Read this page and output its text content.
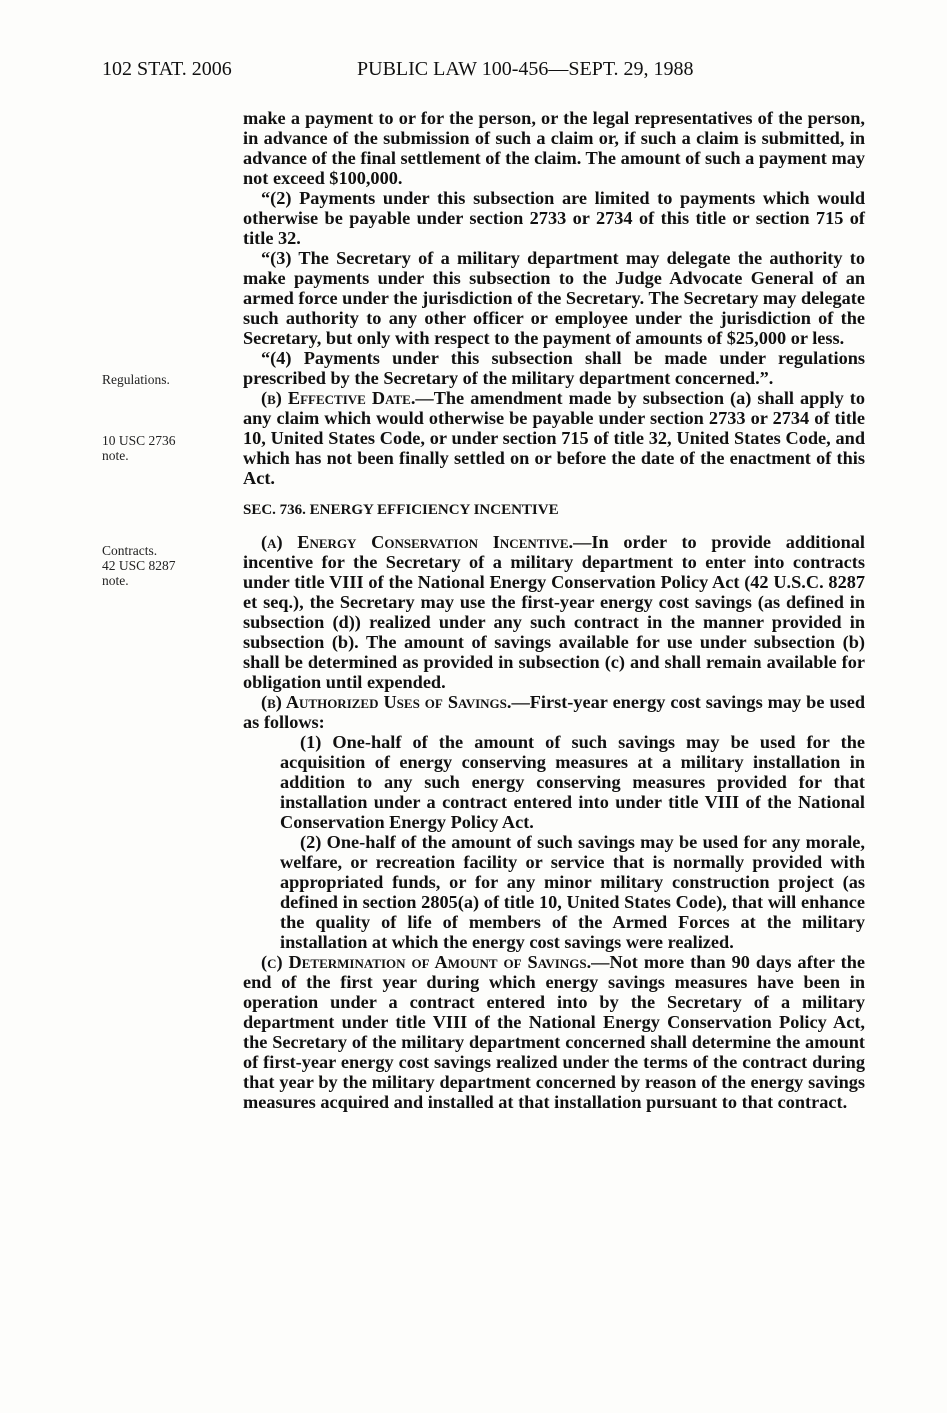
102 STAT. 2006	PUBLIC LAW 100-456—SEPT. 29, 1988
Regulations.
10 USC 2736
note.
Contracts.
42 USC 8287
note.

make a payment to or for the person, or the legal representatives of the person, in advance of the submission of such a claim or, if such a claim is submitted, in advance of the final settlement of the claim. The amount of such a payment may not exceed $100,000.

“(2) Payments under this subsection are limited to payments which would otherwise be payable under section 2733 or 2734 of this title or section 715 of title 32.

“(3) The Secretary of a military department may delegate the authority to make payments under this subsection to the Judge Advocate General of an armed force under the jurisdiction of the Secretary. The Secretary may delegate such authority to any other officer or employee under the jurisdiction of the Secretary, but only with respect to the payment of amounts of $25,000 or less.

“(4) Payments under this subsection shall be made under regulations prescribed by the Secretary of the military department concerned.”.

(b) Effective Date.—The amendment made by subsection (a) shall apply to any claim which would otherwise be payable under section 2733 or 2734 of title 10, United States Code, or under section 715 of title 32, United States Code, and which has not been finally settled on or before the date of the enactment of this Act.

SEC. 736. ENERGY EFFICIENCY INCENTIVE

(a) Energy Conservation Incentive.—In order to provide additional incentive for the Secretary of a military department to enter into contracts under title VIII of the National Energy Conservation Policy Act (42 U.S.C. 8287 et seq.), the Secretary may use the first-year energy cost savings (as defined in subsection (d)) realized under any such contract in the manner provided in subsection (b). The amount of savings available for use under subsection (b) shall be determined as provided in subsection (c) and shall remain available for obligation until expended.

(b) Authorized Uses of Savings.—First-year energy cost savings may be used as follows:

(1) One-half of the amount of such savings may be used for the acquisition of energy conserving measures at a military installation in addition to any such energy conserving measures provided for that installation under a contract entered into under title VIII of the National Conservation Energy Policy Act.

(2) One-half of the amount of such savings may be used for any morale, welfare, or recreation facility or service that is normally provided with appropriated funds, or for any minor military construction project (as defined in section 2805(a) of title 10, United States Code), that will enhance the quality of life of members of the Armed Forces at the military installation at which the energy cost savings were realized.

(c) Determination of Amount of Savings.—Not more than 90 days after the end of the first year during which energy savings measures have been in operation under a contract entered into by the Secretary of a military department under title VIII of the National Energy Conservation Policy Act, the Secretary of the military department concerned shall determine the amount of first-year energy cost savings realized under the terms of the contract during that year by the military department concerned by reason of the energy savings measures acquired and installed at that installation pursuant to that contract.
